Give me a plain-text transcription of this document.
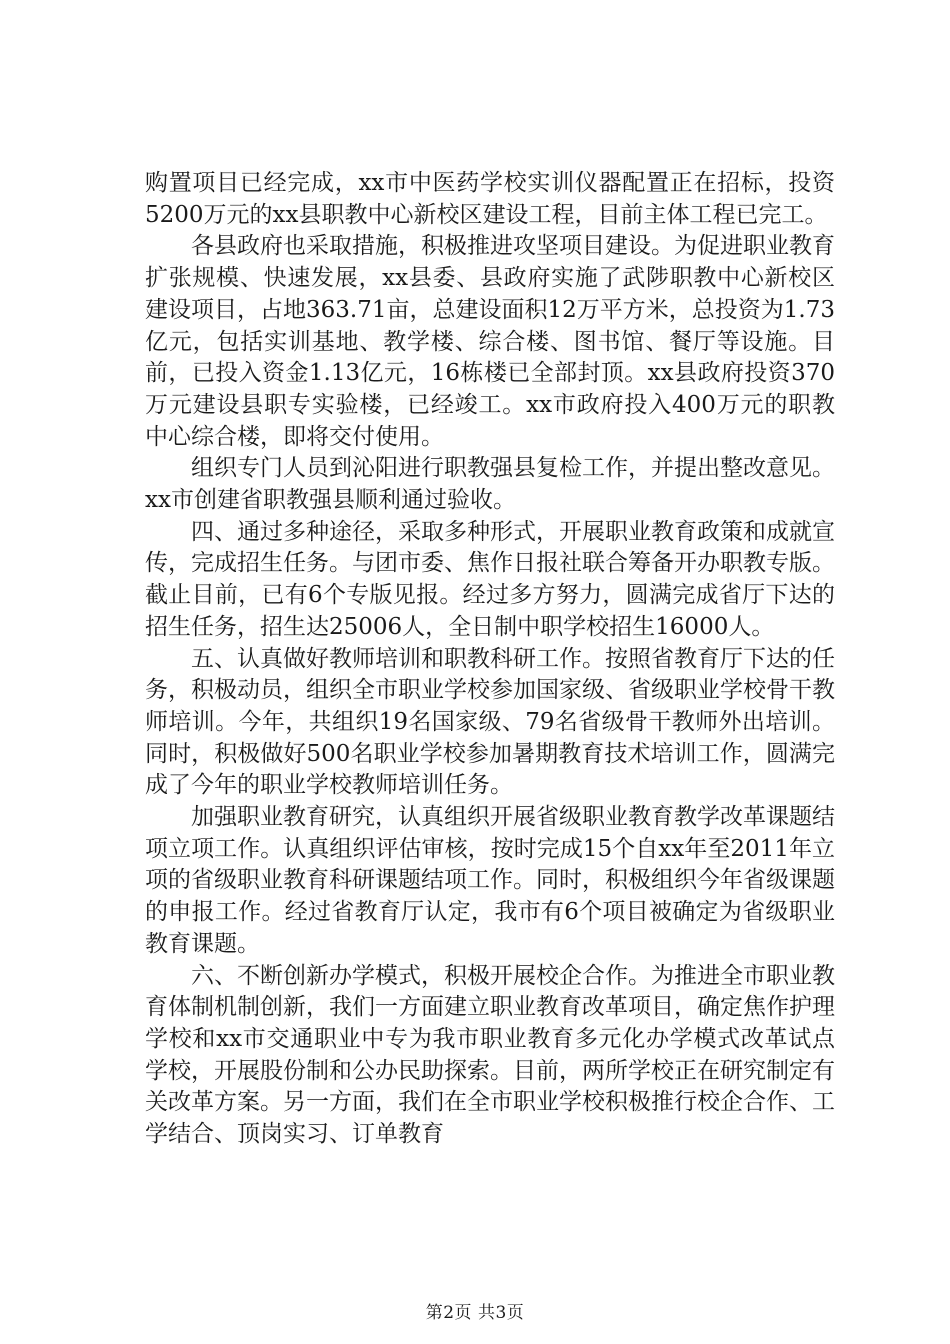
购置项目已经完成，xx市中医药学校实训仪器配置正在招标，投资5200万元的xx县职教中心新校区建设工程，目前主体工程已完工。

各县政府也采取措施，积极推进攻坚项目建设。为促进职业教育扩张规模、快速发展，xx县委、县政府实施了武陟职教中心新校区建设项目，占地363.71亩，总建设面积12万平方米，总投资为1.73亿元，包括实训基地、教学楼、综合楼、图书馆、餐厅等设施。目前，已投入资金1.13亿元，16栋楼已全部封顶。xx县政府投资370万元建设县职专实验楼，已经竣工。xx市政府投入400万元的职教中心综合楼，即将交付使用。

组织专门人员到沁阳进行职教强县复检工作，并提出整改意见。xx市创建省职教强县顺利通过验收。

四、通过多种途径，采取多种形式，开展职业教育政策和成就宣传，完成招生任务。与团市委、焦作日报社联合筹备开办职教专版。截止目前，已有6个专版见报。经过多方努力，圆满完成省厅下达的招生任务，招生达25006人，全日制中职学校招生16000人。

五、认真做好教师培训和职教科研工作。按照省教育厅下达的任务，积极动员，组织全市职业学校参加国家级、省级职业学校骨干教师培训。今年，共组织19名国家级、79名省级骨干教师外出培训。同时，积极做好500名职业学校参加暑期教育技术培训工作，圆满完成了今年的职业学校教师培训任务。

加强职业教育研究，认真组织开展省级职业教育教学改革课题结项立项工作。认真组织评估审核，按时完成15个自xx年至2011年立项的省级职业教育科研课题结项工作。同时，积极组织今年省级课题的申报工作。经过省教育厅认定，我市有6个项目被确定为省级职业教育课题。

六、不断创新办学模式，积极开展校企合作。为推进全市职业教育体制机制创新，我们一方面建立职业教育改革项目，确定焦作护理学校和xx市交通职业中专为我市职业教育多元化办学模式改革试点学校，开展股份制和公办民助探索。目前，两所学校正在研究制定有关改革方案。另一方面，我们在全市职业学校积极推行校企合作、工学结合、顶岗实习、订单教育

第2页 共3页
